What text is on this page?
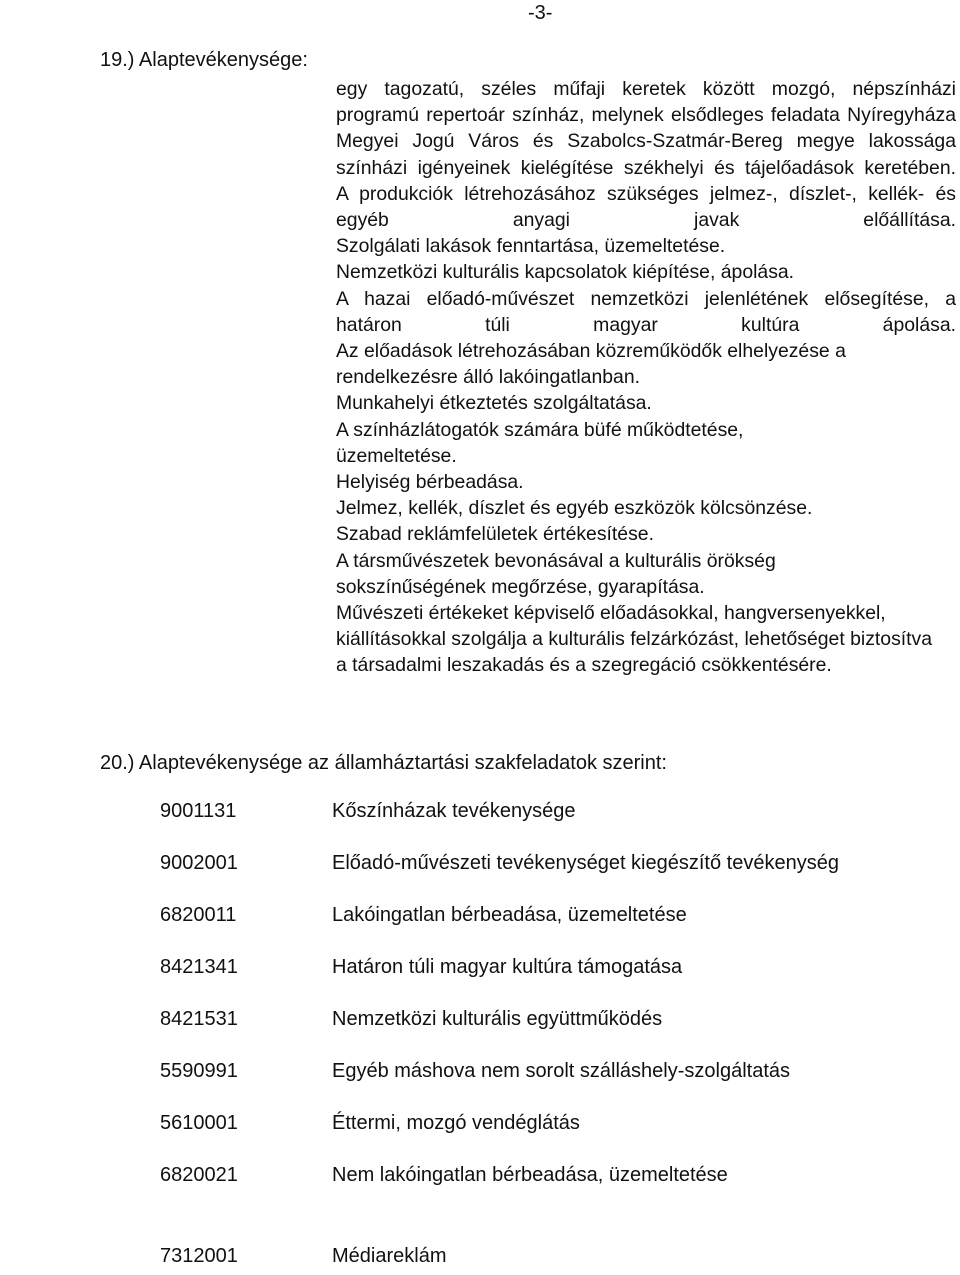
-3-
19.) Alaptevékenysége:

egy tagozatú, széles műfaji keretek között mozgó, népszínházi programú repertoár színház, melynek elsődleges feladata Nyíregyháza Megyei Jogú Város és Szabolcs-Szatmár-Bereg megye lakossága színházi igényeinek kielégítése székhelyi és tájelőadások keretében.

A produkciók létrehozásához szükséges jelmez-, díszlet-, kellék- és egyéb anyagi javak előállítása.

Szolgálati lakások fenntartása, üzemeltetése.

Nemzetközi kulturális kapcsolatok kiépítése, ápolása.

A hazai előadó-művészet nemzetközi jelenlétének elősegítése, a határon túli magyar kultúra ápolása.

Az előadások létrehozásában közreműködők elhelyezése a rendelkezésre álló lakóingatlanban.

Munkahelyi étkeztetés szolgáltatása.

A színházlátogatók számára büfé működtetése, üzemeltetése.

Helyiség bérbeadása.

Jelmez, kellék, díszlet és egyéb eszközök kölcsönzése.

Szabad reklámfelületek értékesítése.

A társművészetek bevonásával a kulturális örökség sokszínűségének megőrzése, gyarapítása.

Művészeti értékeket képviselő előadásokkal, hangversenyekkel, kiállításokkal szolgálja a kulturális felzárkózást, lehetőséget biztosítva a társadalmi leszakadás és a szegregáció csökkentésére.

20.) Alaptevékenysége az államháztartási szakfeladatok szerint:
9001131	Kőszínházak tevékenysége
9002001	Előadó-művészeti tevékenységet kiegészítő tevékenység
6820011	Lakóingatlan bérbeadása, üzemeltetése
8421341	Határon túli magyar kultúra támogatása
8421531	Nemzetközi kulturális együttműködés
5590991	Egyéb máshova nem sorolt szálláshely-szolgáltatás
5610001	Éttermi, mozgó vendéglátás
6820021	Nem lakóingatlan bérbeadása, üzemeltetése
7312001	Médiareklám
